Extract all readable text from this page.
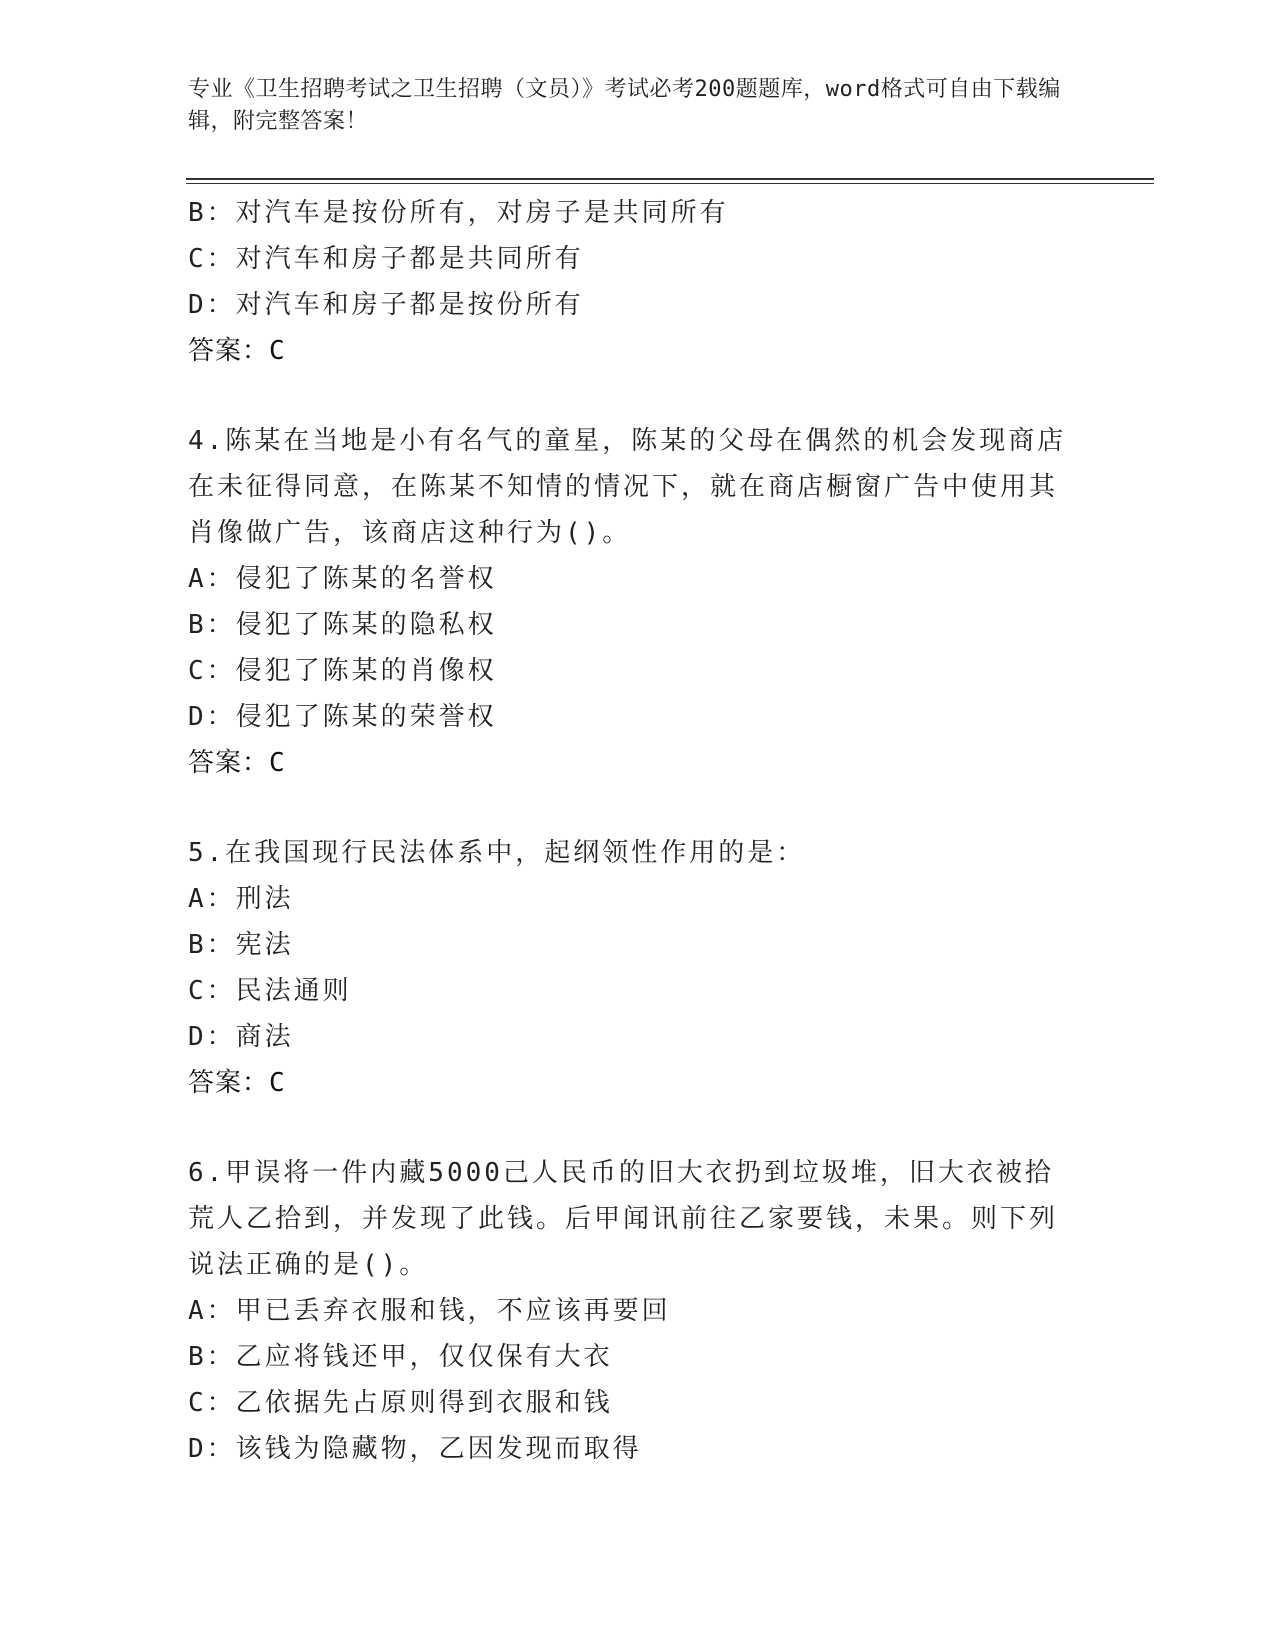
专业《卫生招聘考试之卫生招聘（文员）》考试必考200题题库，word格式可自由下载编辑，附完整答案！
B：对汽车是按份所有，对房子是共同所有
C：对汽车和房子都是共同所有
D：对汽车和房子都是按份所有
答案：C
4.陈某在当地是小有名气的童星，陈某的父母在偶然的机会发现商店在未征得同意，在陈某不知情的情况下，就在商店橱窗广告中使用其肖像做广告，该商店这种行为()。
A：侵犯了陈某的名誉权
B：侵犯了陈某的隐私权
C：侵犯了陈某的肖像权
D：侵犯了陈某的荣誉权
答案：C
5.在我国现行民法体系中，起纲领性作用的是：
A：刑法
B：宪法
C：民法通则
D：商法
答案：C
6.甲误将一件内藏5000己人民币的旧大衣扔到垃圾堆，旧大衣被拾荒人乙拾到，并发现了此钱。后甲闻讯前往乙家要钱，未果。则下列说法正确的是()。
A：甲已丢弃衣服和钱，不应该再要回
B：乙应将钱还甲，仅仅保有大衣
C：乙依据先占原则得到衣服和钱
D：该钱为隐藏物，乙因发现而取得
